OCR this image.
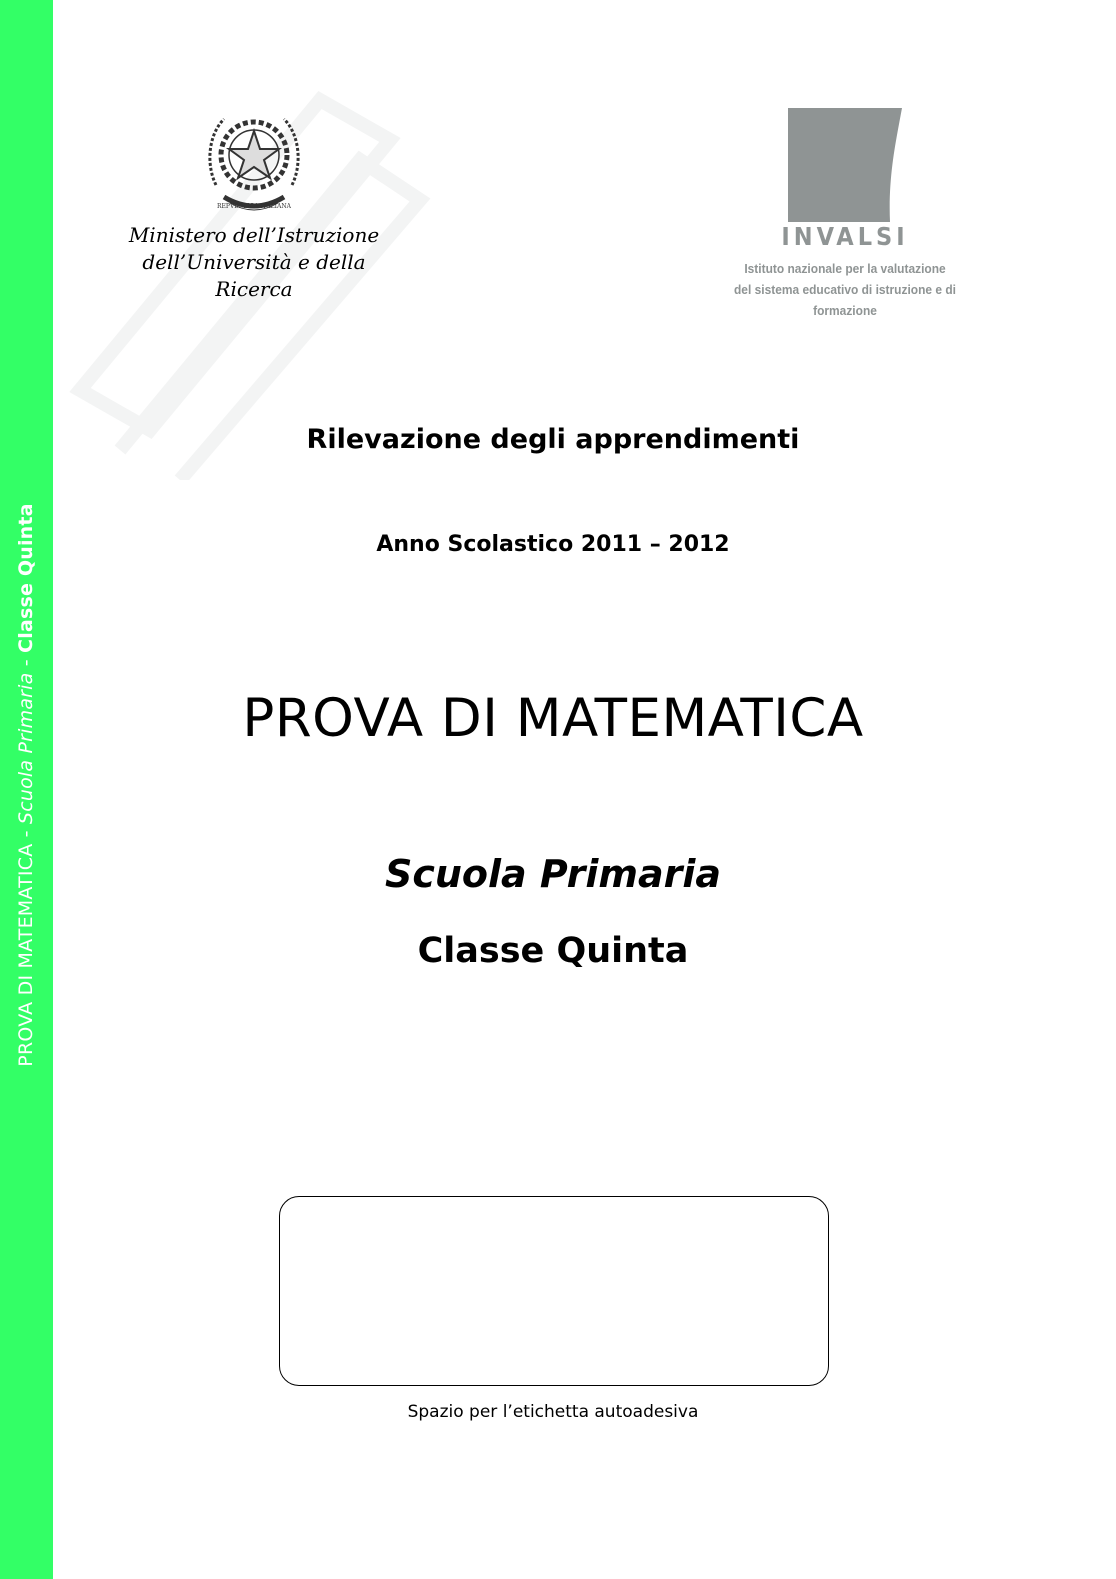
PROVA DI MATEMATICA - Scuola Primaria - Classe Quinta
REPVBBLICA ITALIANA
Ministero dell’Istruzione
dell’Università e della Ricerca
INVALSI
Istituto nazionale per la valutazione
del sistema educativo di istruzione e di formazione
Rilevazione degli apprendimenti
Anno Scolastico 2011 – 2012
PROVA DI MATEMATICA
Scuola Primaria
Classe Quinta
Spazio per l’etichetta autoadesiva
